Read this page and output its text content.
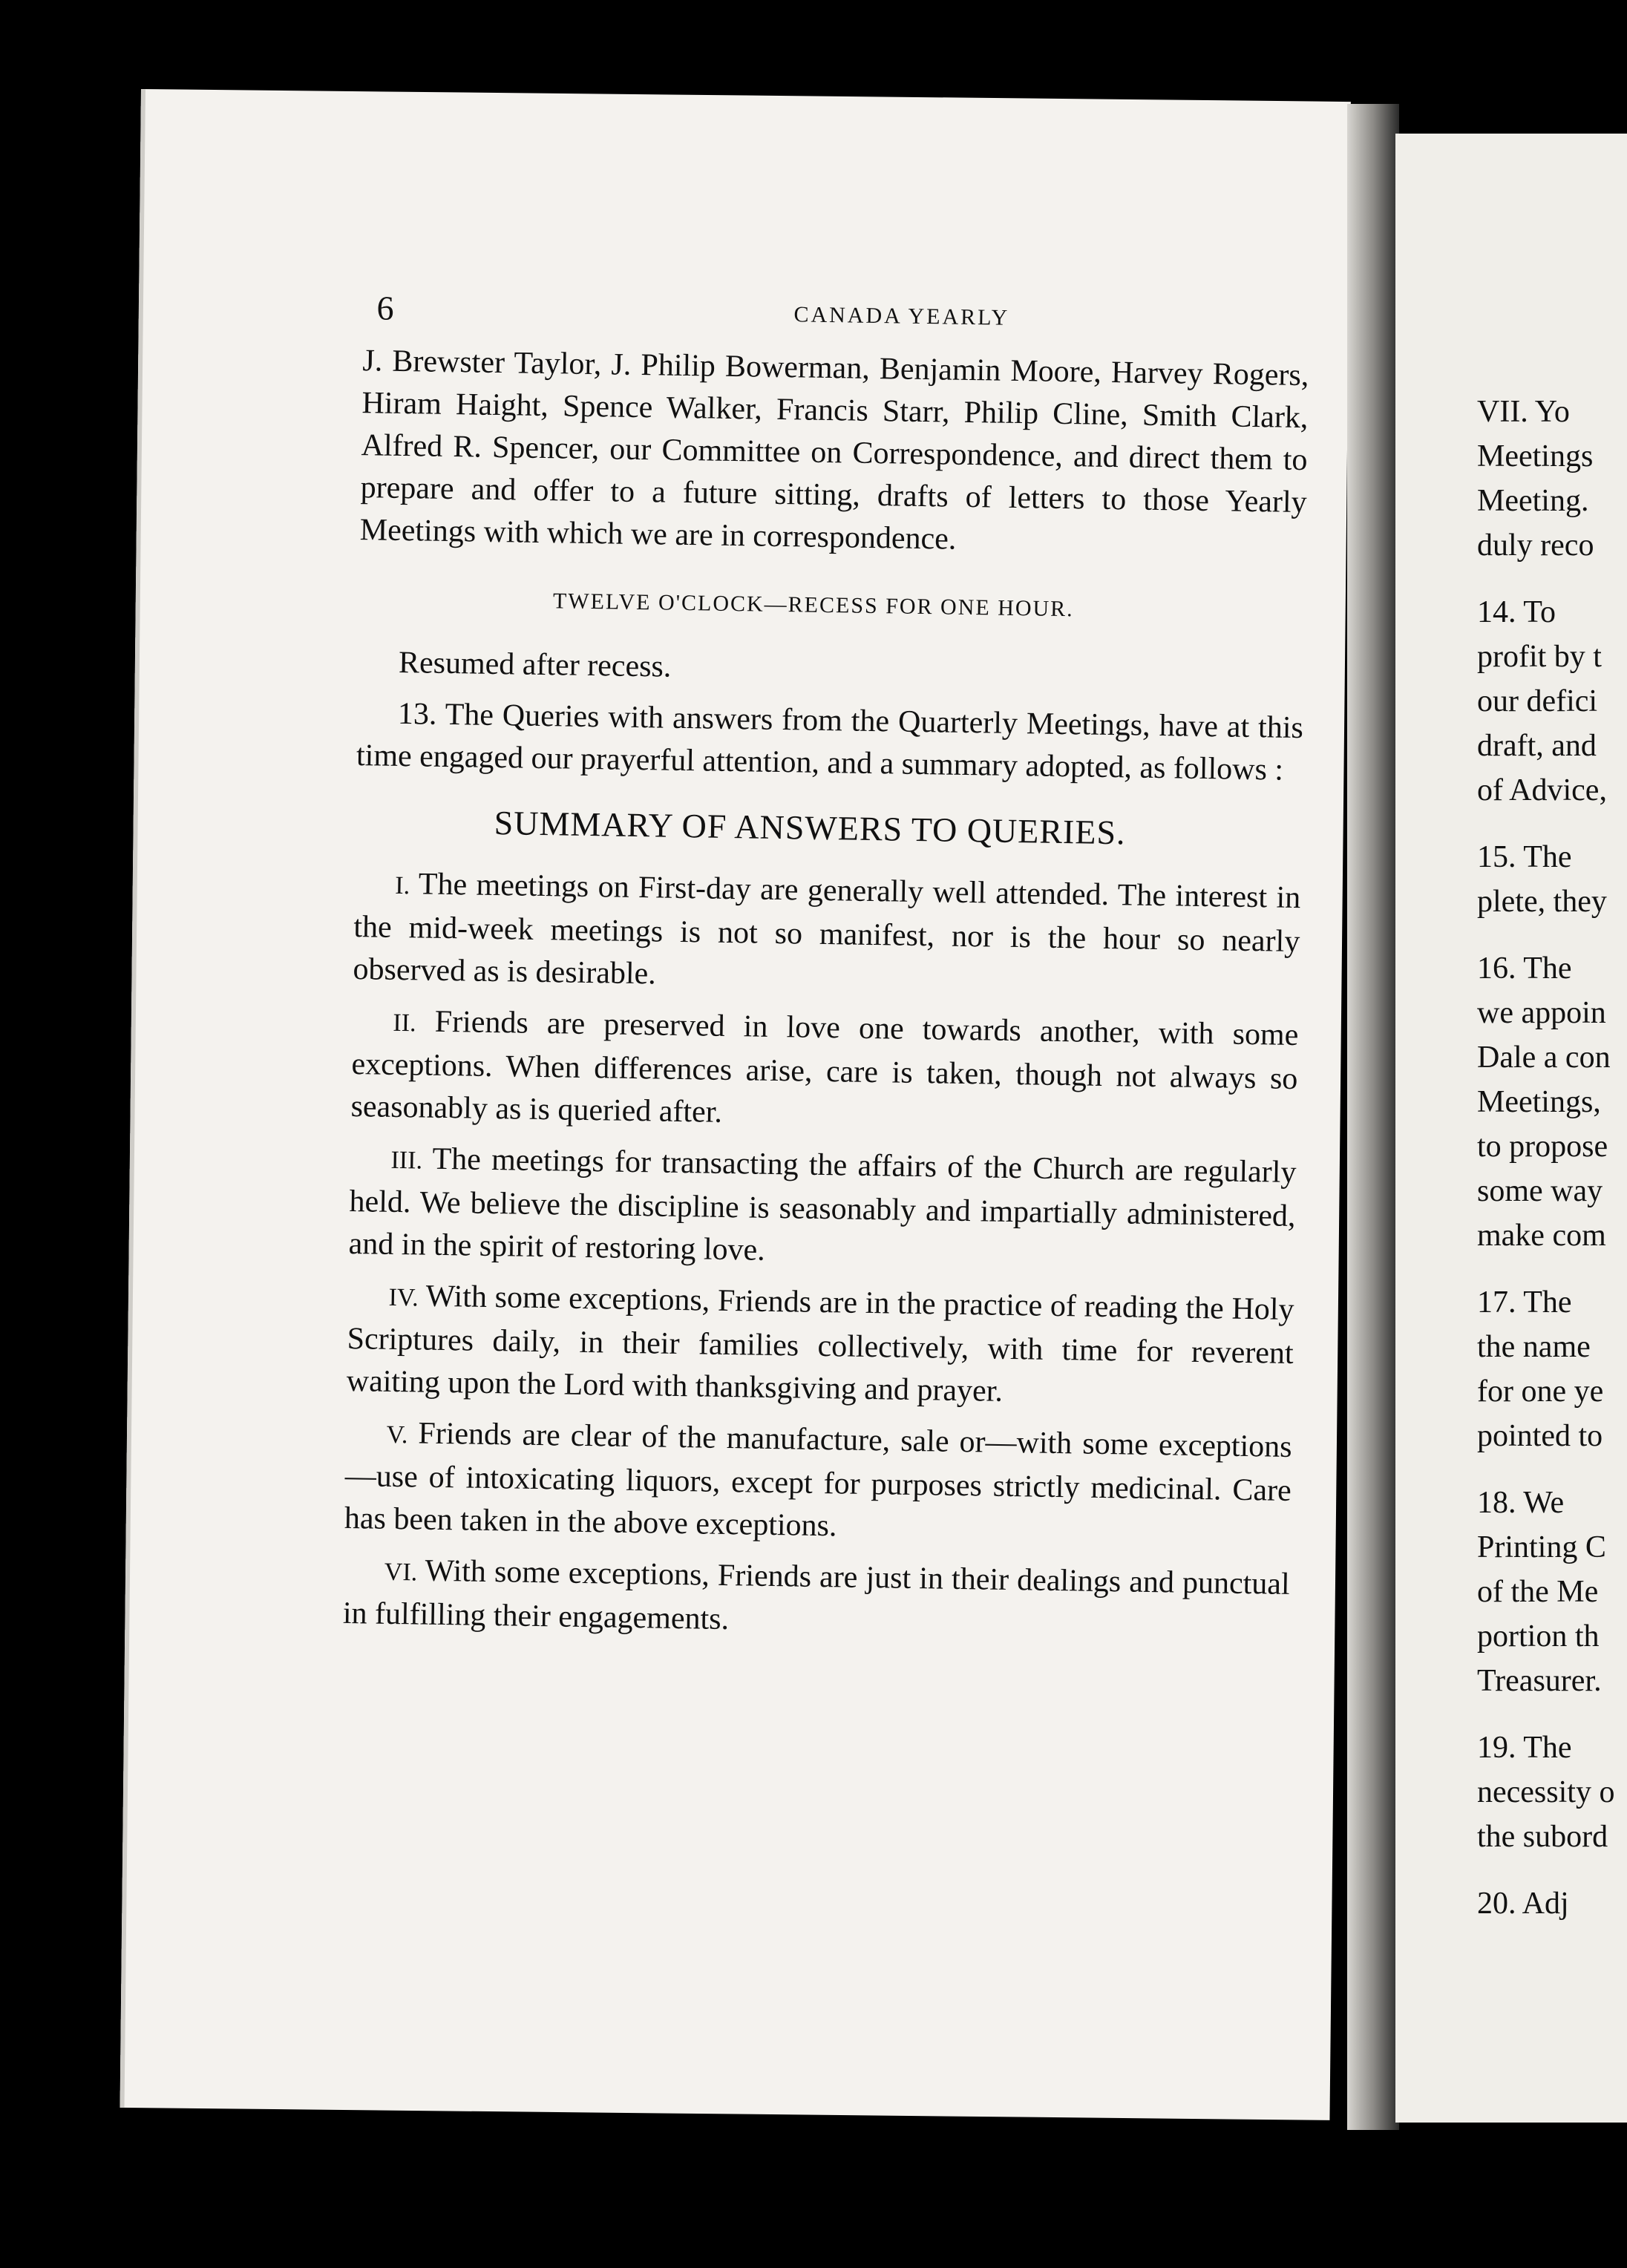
6	CANADA YEARLY

J. Brewster Taylor, J. Philip Bowerman, Benjamin Moore, Harvey Rogers, Hiram Haight, Spence Walker, Francis Starr, Philip Cline, Smith Clark, Alfred R. Spencer, our Committee on Correspondence, and direct them to prepare and offer to a future sitting, drafts of letters to those Yearly Meetings with which we are in correspondence.

TWELVE O'CLOCK—RECESS FOR ONE HOUR.

Resumed after recess.

13. The Queries with answers from the Quarterly Meetings, have at this time engaged our prayerful attention, and a summary adopted, as follows :

SUMMARY OF ANSWERS TO QUERIES.

I. The meetings on First-day are generally well attended. The interest in the mid-week meetings is not so manifest, nor is the hour so nearly observed as is desirable.

II. Friends are preserved in love one towards another, with some exceptions. When differences arise, care is taken, though not always so seasonably as is queried after.

III. The meetings for transacting the affairs of the Church are regularly held. We believe the discipline is seasonably and impartially administered, and in the spirit of restoring love.

IV. With some exceptions, Friends are in the practice of reading the Holy Scriptures daily, in their families collectively, with time for reverent waiting upon the Lord with thanksgiving and prayer.

V. Friends are clear of the manufacture, sale or—with some exceptions—use of intoxicating liquors, except for purposes strictly medicinal. Care has been taken in the above exceptions.

VI. With some exceptions, Friends are just in their dealings and punctual in fulfilling their engagements.

VII. Yo
Meetings
Meeting.
duly reco
14. To
profit by t
our defici
draft, and
of Advice,
15. The
plete, they
16. The
we appoin
Dale a con
Meetings,
to propose
some way
make com
17. The
the name
for one ye
pointed to
18. We
Printing C
of the Me
portion th
Treasurer.
19. The
necessity o
the subord
20. Adj
